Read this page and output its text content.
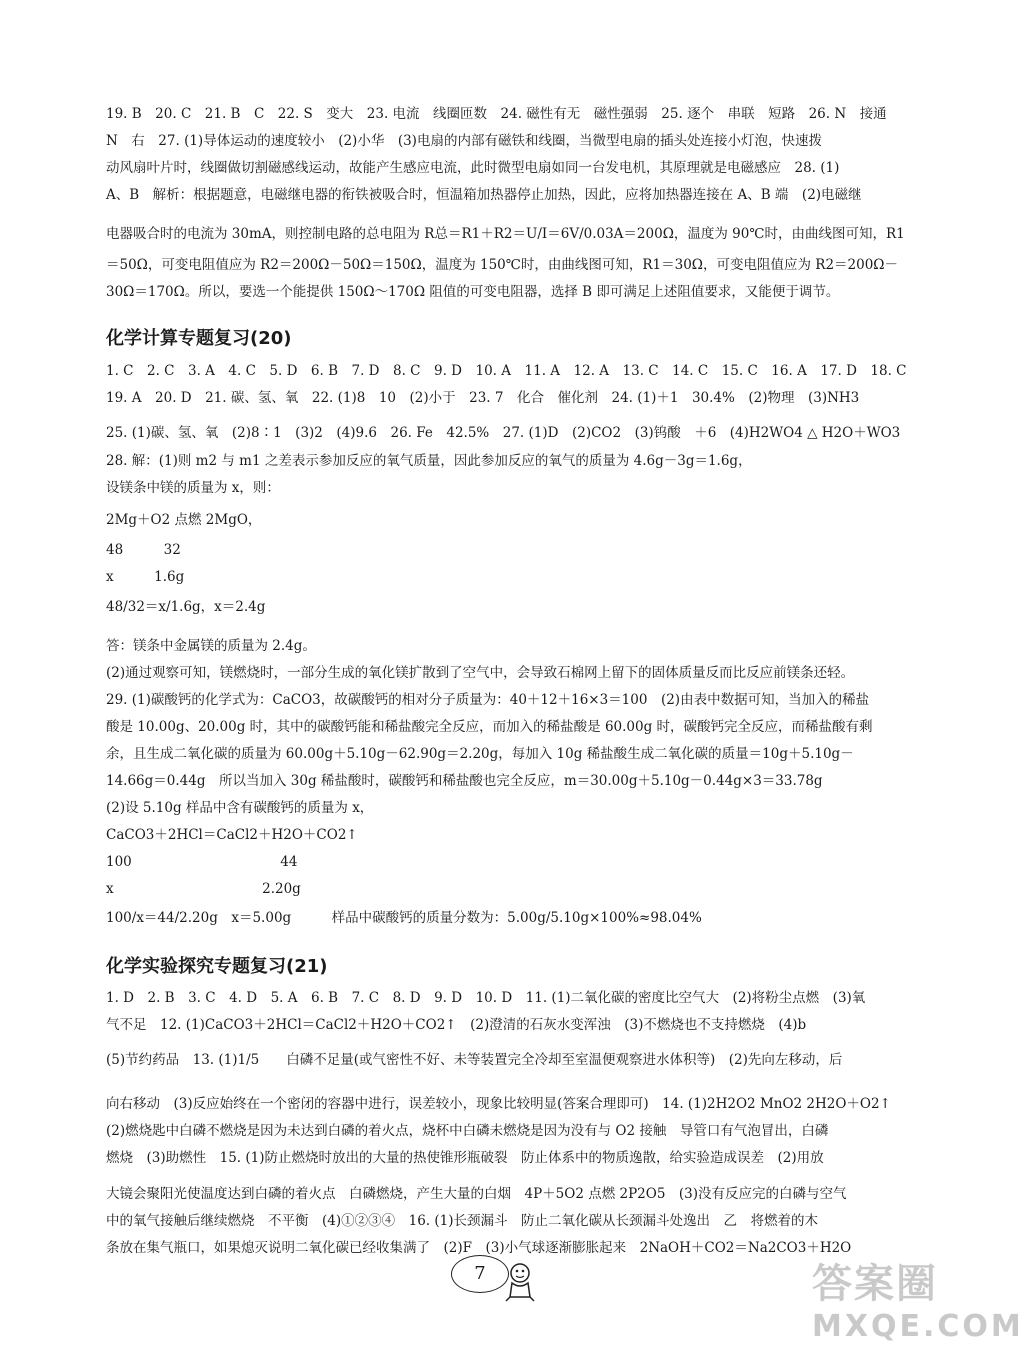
19. B　20. C　21. B　C　22. S　变大　23. 电流　线圈匝数　24. 磁性有无　磁性强弱　25. 逐个　串联　短路　26. N　接通
N　右　27. (1)导体运动的速度较小　(2)小华　(3)电扇的内部有磁铁和线圈，当微型电扇的插头处连接小灯泡，快速拨
动风扇叶片时，线圈做切割磁感线运动，故能产生感应电流，此时微型电扇如同一台发电机，其原理就是电磁感应　28. (1)
A、B　解析：根据题意，电磁继电器的衔铁被吸合时，恒温箱加热器停止加热，因此，应将加热器连接在 A、B 端　(2)电磁继
电器吸合时的电流为 30mA，则控制电路的总电阻为 R总＝R1＋R2＝U/I＝6V/0.03A＝200Ω，温度为 90℃时，由曲线图可知，R1
＝50Ω，可变电阻值应为 R2＝200Ω－50Ω＝150Ω，温度为 150℃时，由曲线图可知，R1＝30Ω，可变电阻值应为 R2＝200Ω－
30Ω＝170Ω。所以，要选一个能提供 150Ω～170Ω 阻值的可变电阻器，选择 B 即可满足上述阻值要求，又能便于调节。
化学计算专题复习(20)
1. C　2. C　3. A　4. C　5. D　6. B　7. D　8. C　9. D　10. A　11. A　12. A　13. C　14. C　15. C　16. A　17. D　18. C
19. A　20. D　21. 碳、氢、氧　22. (1)8　10　(2)小于　23. 7　化合　催化剂　24. (1)＋1　30.4%　(2)物理　(3)NH3
25. (1)碳、氢、氧　(2)8∶1　(3)2　(4)9.6　26. Fe　42.5%　27. (1)D　(2)CO2　(3)钨酸　＋6　(4)H2WO4 △ H2O＋WO3
28. 解：(1)则 m2 与 m1 之差表示参加反应的氧气质量，因此参加反应的氧气的质量为 4.6g－3g＝1.6g，
设镁条中镁的质量为 x，则：
2Mg＋O2 点燃 2MgO，
48　　　32
x　　　1.6g
48/32＝x/1.6g，x＝2.4g
答：镁条中金属镁的质量为 2.4g。
(2)通过观察可知，镁燃烧时，一部分生成的氧化镁扩散到了空气中，会导致石棉网上留下的固体质量反而比反应前镁条还轻。
29. (1)碳酸钙的化学式为：CaCO3，故碳酸钙的相对分子质量为：40＋12＋16×3＝100　(2)由表中数据可知，当加入的稀盐
酸是 10.00g、20.00g 时，其中的碳酸钙能和稀盐酸完全反应，而加入的稀盐酸是 60.00g 时，碳酸钙完全反应，而稀盐酸有剩
余，且生成二氧化碳的质量为 60.00g＋5.10g－62.90g＝2.20g，每加入 10g 稀盐酸生成二氧化碳的质量＝10g＋5.10g－
14.66g＝0.44g　所以当加入 30g 稀盐酸时，碳酸钙和稀盐酸也完全反应，m＝30.00g＋5.10g－0.44g×3＝33.78g
(2)设 5.10g 样品中含有碳酸钙的质量为 x，
CaCO3＋2HCl＝CaCl2＋H2O＋CO2↑
100　　　　　　　　　　　44
x　　　　　　　　　　　2.20g
100/x＝44/2.20g　x＝5.00g　　　样品中碳酸钙的质量分数为：5.00g/5.10g×100%≈98.04%
化学实验探究专题复习(21)
1. D　2. B　3. C　4. D　5. A　6. B　7. C　8. D　9. D　10. D　11. (1)二氧化碳的密度比空气大　(2)将粉尘点燃　(3)氧
气不足　12. (1)CaCO3＋2HCl＝CaCl2＋H2O＋CO2↑　(2)澄清的石灰水变浑浊　(3)不燃烧也不支持燃烧　(4)b
(5)节约药品　13. (1)1/5　　白磷不足量(或气密性不好、未等装置完全冷却至室温便观察进水体积等)　(2)先向左移动，后
向右移动　(3)反应始终在一个密闭的容器中进行，误差较小，现象比较明显(答案合理即可)　14. (1)2H2O2 MnO2 2H2O＋O2↑
(2)燃烧匙中白磷不燃烧是因为未达到白磷的着火点，烧杯中白磷未燃烧是因为没有与 O2 接触　导管口有气泡冒出，白磷
燃烧　(3)助燃性　15. (1)防止燃烧时放出的大量的热使锥形瓶破裂　防止体系中的物质逸散，给实验造成误差　(2)用放
大镜会聚阳光使温度达到白磷的着火点　白磷燃烧，产生大量的白烟　4P＋5O2 点燃 2P2O5　(3)没有反应完的白磷与空气
中的氧气接触后继续燃烧　不平衡　(4)①②③④　16. (1)长颈漏斗　防止二氧化碳从长颈漏斗处逸出　乙　将燃着的木
条放在集气瓶口，如果熄灭说明二氧化碳已经收集满了　(2)F　(3)小气球逐渐膨胀起来　2NaOH＋CO2＝Na2CO3＋H2O
7	答案圈
MXQE.COM
